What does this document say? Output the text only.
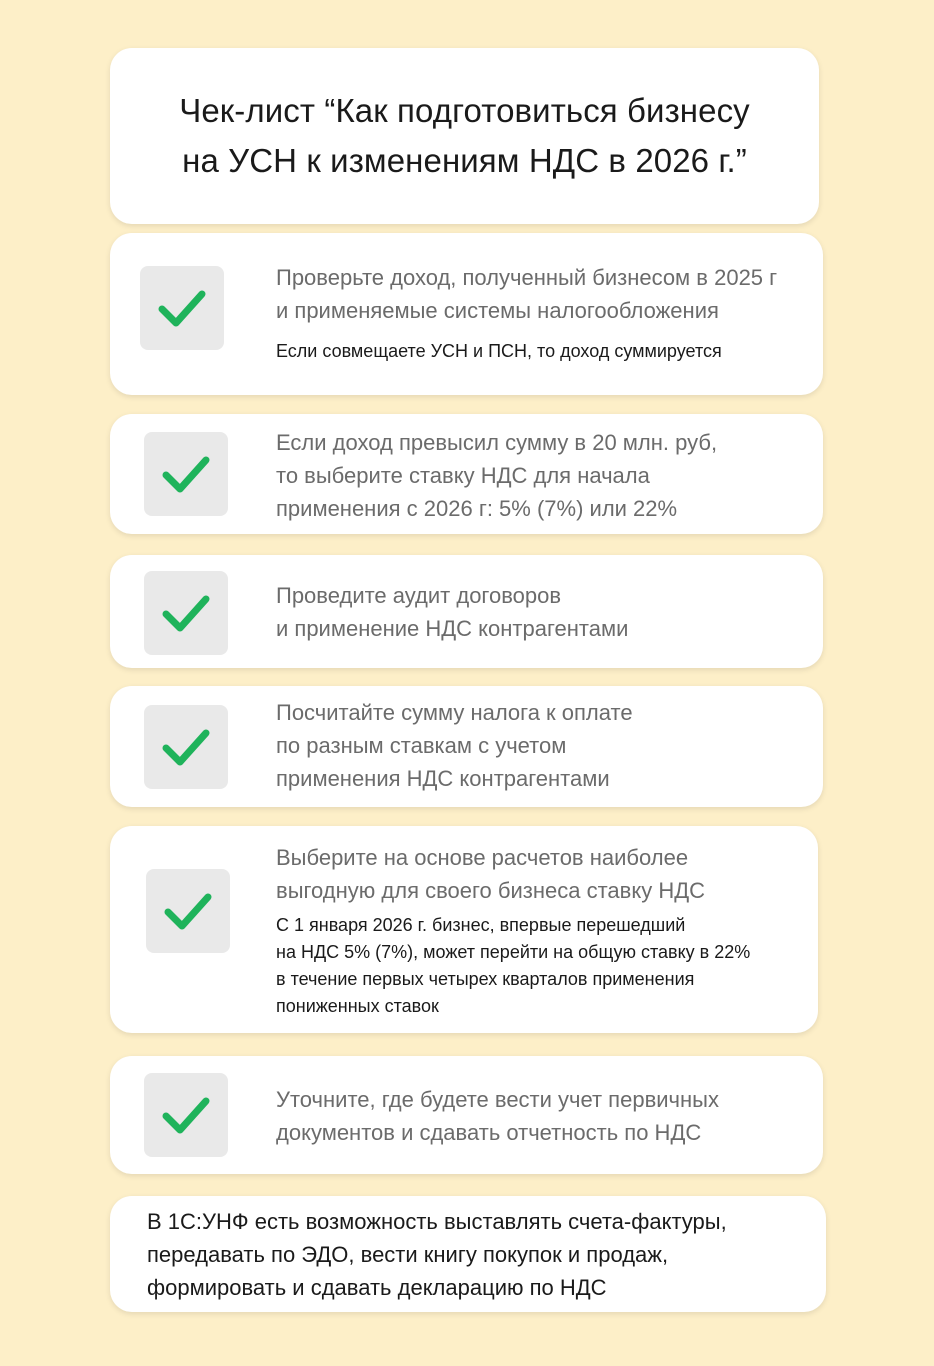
Чек-лист “Как подготовиться бизнесу
на УСН к изменениям НДС в 2026 г.”
Проверьте доход, полученный бизнесом в 2025 г
и применяемые системы налогообложения
Если совмещаете УСН и ПСН, то доход суммируется
Если доход превысил сумму в 20 млн. руб,
то выберите ставку НДС для начала
применения с 2026 г: 5% (7%) или 22%
Проведите аудит договоров
и применение НДС контрагентами
Посчитайте сумму налога к оплате
по разным ставкам с учетом
применения НДС контрагентами
Выберите на основе расчетов наиболее
выгодную для своего бизнеса ставку НДС
С 1 января 2026 г. бизнес, впервые перешедший
на НДС 5% (7%), может перейти на общую ставку в 22%
в течение первых четырех кварталов применения
пониженных ставок
Уточните, где будете вести учет первичных
документов и сдавать отчетность по НДС
В 1С:УНФ есть возможность выставлять счета-фактуры,
передавать по ЭДО, вести книгу покупок и продаж,
формировать и сдавать декларацию по НДС
